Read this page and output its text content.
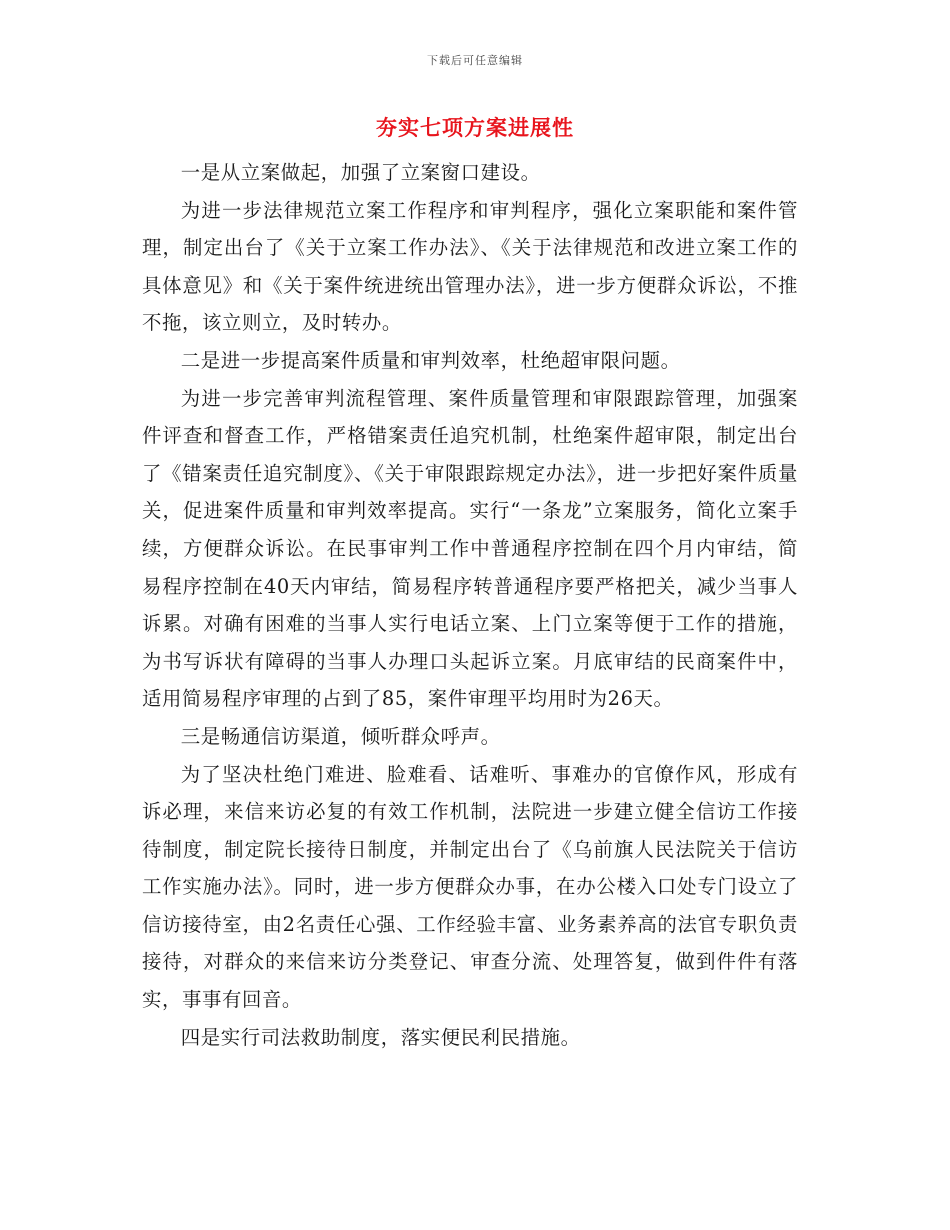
下载后可任意编辑
夯实七项方案进展性

一是从立案做起，加强了立案窗口建设。

为进一步法律规范立案工作程序和审判程序，强化立案职能和案件管理，制定出台了《关于立案工作办法》、《关于法律规范和改进立案工作的具体意见》和《关于案件统进统出管理办法》，进一步方便群众诉讼，不推不拖，该立则立，及时转办。

二是进一步提高案件质量和审判效率，杜绝超审限问题。

为进一步完善审判流程管理、案件质量管理和审限跟踪管理，加强案件评查和督查工作，严格错案责任追究机制，杜绝案件超审限，制定出台了《错案责任追究制度》、《关于审限跟踪规定办法》，进一步把好案件质量关，促进案件质量和审判效率提高。实行“一条龙”立案服务，简化立案手续，方便群众诉讼。在民事审判工作中普通程序控制在四个月内审结，简易程序控制在40天内审结，简易程序转普通程序要严格把关，减少当事人诉累。对确有困难的当事人实行电话立案、上门立案等便于工作的措施，为书写诉状有障碍的当事人办理口头起诉立案。月底审结的民商案件中，适用简易程序审理的占到了85，案件审理平均用时为26天。

三是畅通信访渠道，倾听群众呼声。

为了坚决杜绝门难进、脸难看、话难听、事难办的官僚作风，形成有诉必理，来信来访必复的有效工作机制，法院进一步建立健全信访工作接待制度，制定院长接待日制度，并制定出台了《乌前旗人民法院关于信访工作实施办法》。同时，进一步方便群众办事，在办公楼入口处专门设立了信访接待室，由2名责任心强、工作经验丰富、业务素养高的法官专职负责接待，对群众的来信来访分类登记、审查分流、处理答复，做到件件有落实，事事有回音。

四是实行司法救助制度，落实便民利民措施。
